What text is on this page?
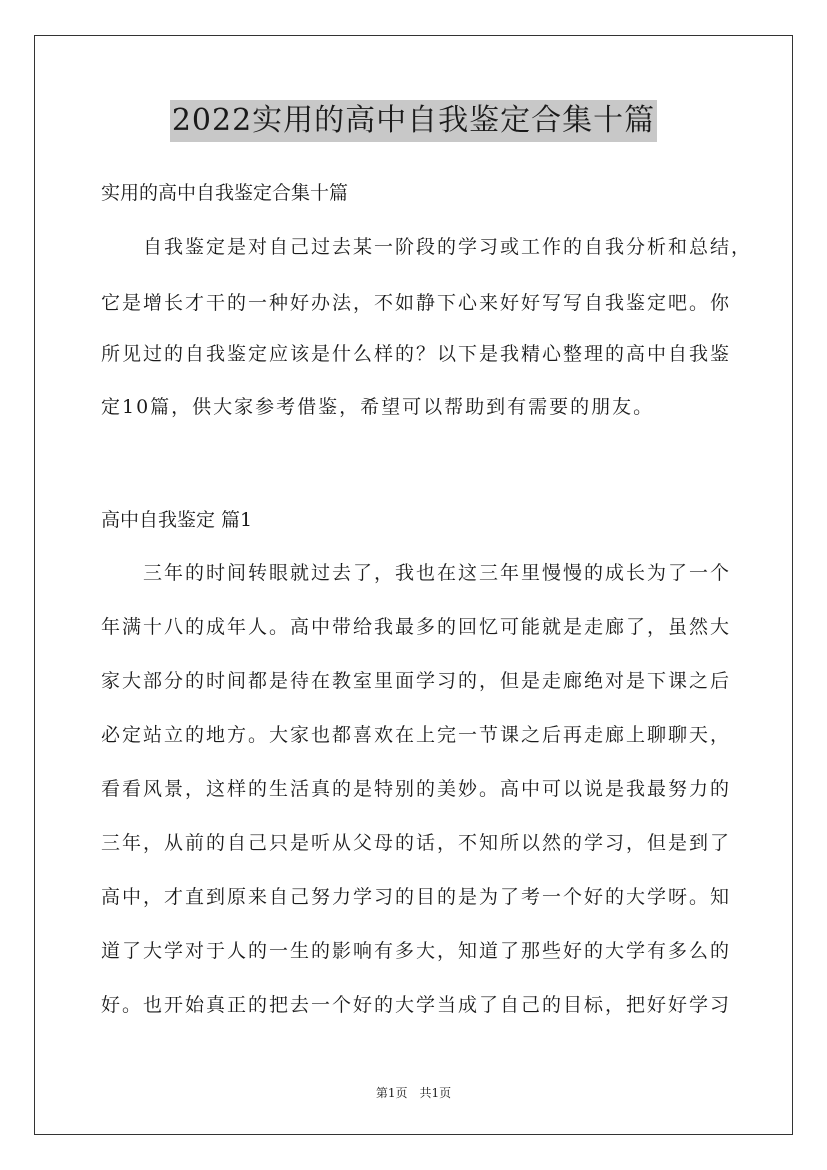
2022实用的高中自我鉴定合集十篇
实用的高中自我鉴定合集十篇
　　自我鉴定是对自己过去某一阶段的学习或工作的自我分析和总结，
它是增长才干的一种好办法，不如静下心来好好写写自我鉴定吧。你
所见过的自我鉴定应该是什么样的？以下是我精心整理的高中自我鉴
定10篇，供大家参考借鉴，希望可以帮助到有需要的朋友。
高中自我鉴定 篇1
　　三年的时间转眼就过去了，我也在这三年里慢慢的成长为了一个
年满十八的成年人。高中带给我最多的回忆可能就是走廊了，虽然大
家大部分的时间都是待在教室里面学习的，但是走廊绝对是下课之后
必定站立的地方。大家也都喜欢在上完一节课之后再走廊上聊聊天，
看看风景，这样的生活真的是特别的美妙。高中可以说是我最努力的
三年，从前的自己只是听从父母的话，不知所以然的学习，但是到了
高中，才直到原来自己努力学习的目的是为了考一个好的大学呀。知
道了大学对于人的一生的影响有多大，知道了那些好的大学有多么的
好。也开始真正的把去一个好的大学当成了自己的目标，把好好学习
第1页　共1页
